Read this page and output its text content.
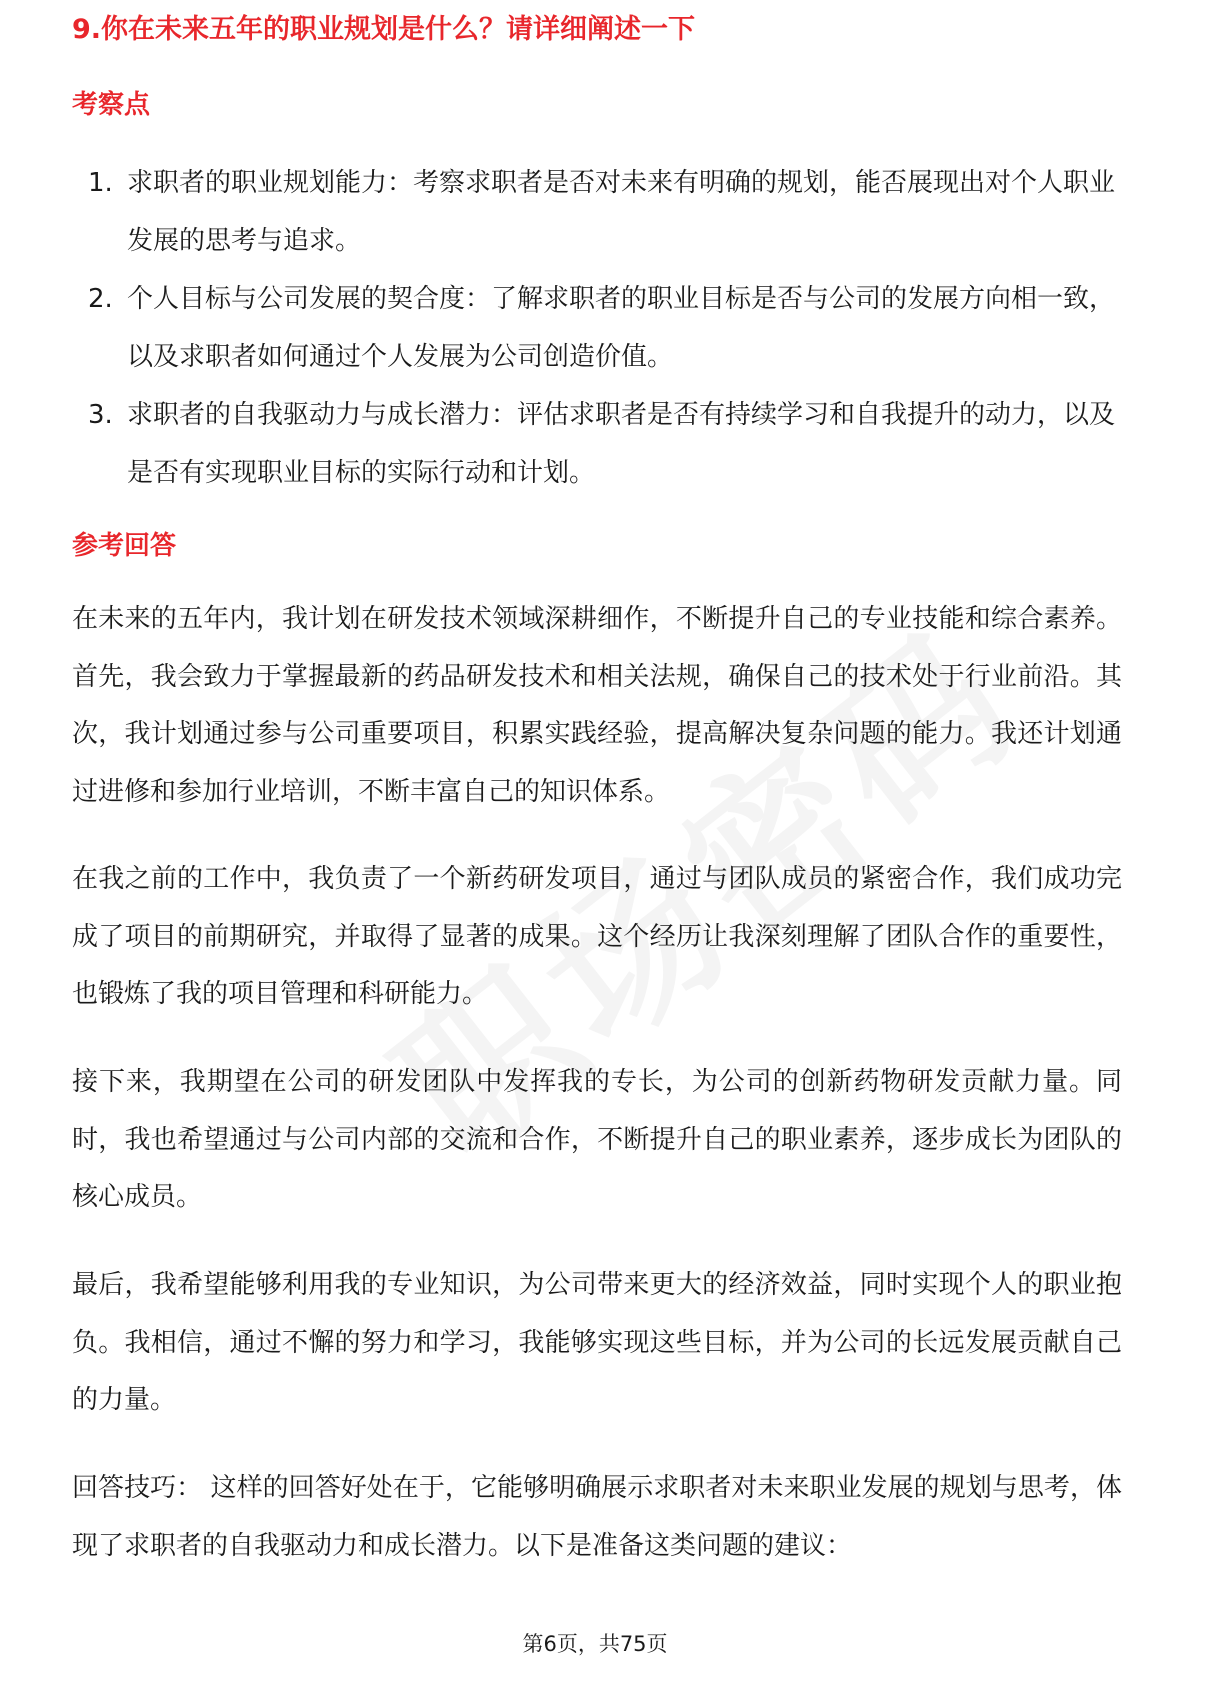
9.你在未来五年的职业规划是什么？请详细阐述一下
考察点
1. 求职者的职业规划能力：考察求职者是否对未来有明确的规划，能否展现出对个人职业发展的思考与追求。
2. 个人目标与公司发展的契合度：了解求职者的职业目标是否与公司的发展方向相一致，以及求职者如何通过个人发展为公司创造价值。
3. 求职者的自我驱动力与成长潜力：评估求职者是否有持续学习和自我提升的动力，以及是否有实现职业目标的实际行动和计划。
参考回答

在未来的五年内，我计划在研发技术领域深耕细作，不断提升自己的专业技能和综合素养。首先，我会致力于掌握最新的药品研发技术和相关法规，确保自己的技术处于行业前沿。其次，我计划通过参与公司重要项目，积累实践经验，提高解决复杂问题的能力。我还计划通过进修和参加行业培训，不断丰富自己的知识体系。

在我之前的工作中，我负责了一个新药研发项目，通过与团队成员的紧密合作，我们成功完成了项目的前期研究，并取得了显著的成果。这个经历让我深刻理解了团队合作的重要性，也锻炼了我的项目管理和科研能力。

接下来，我期望在公司的研发团队中发挥我的专长，为公司的创新药物研发贡献力量。同时，我也希望通过与公司内部的交流和合作，不断提升自己的职业素养，逐步成长为团队的核心成员。

最后，我希望能够利用我的专业知识，为公司带来更大的经济效益，同时实现个人的职业抱负。我相信，通过不懈的努力和学习，我能够实现这些目标，并为公司的长远发展贡献自己的力量。

回答技巧： 这样的回答好处在于，它能够明确展示求职者对未来职业发展的规划与思考，体现了求职者的自我驱动力和成长潜力。以下是准备这类问题的建议：

第6页，共75页
